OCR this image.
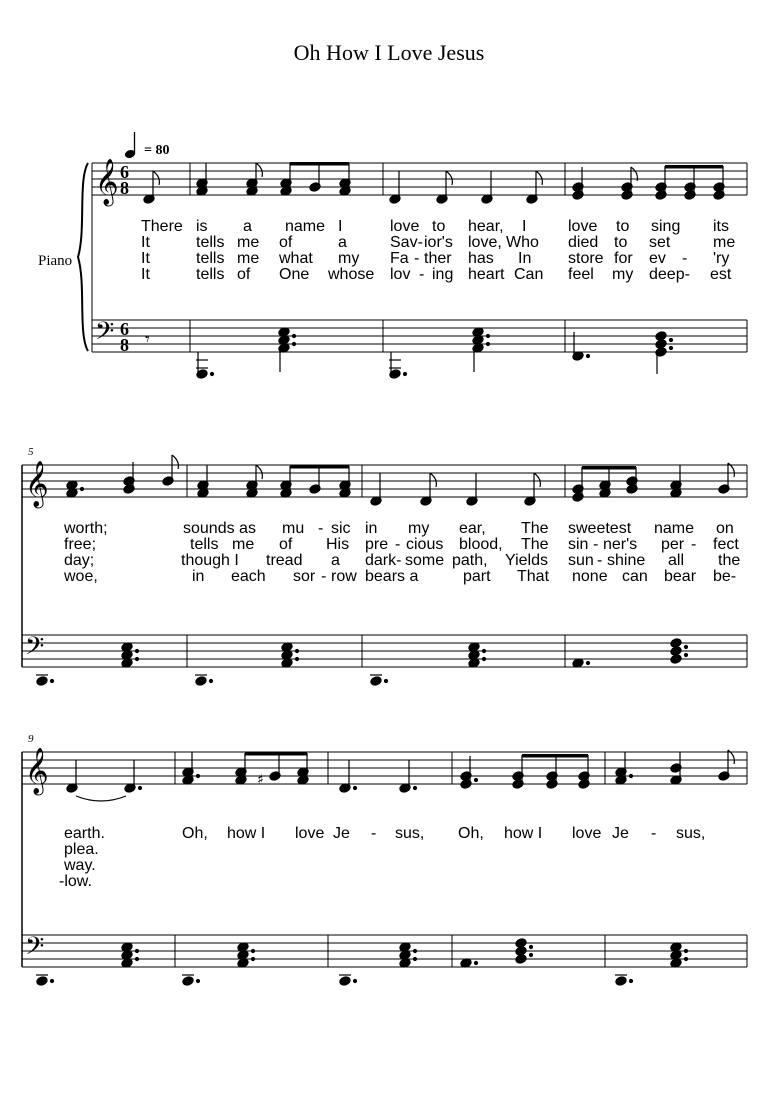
Oh How I Love Jesus
Piano
= 80
5
9
𝄞
𝄢
6
8
6
8 𝄾
There is a name I	love to hear, I	love to sing its
It	tells me of	a	Sav- ior's love, Who died to set	me
It	tells me what my Fa - ther has In store for ev - 'ry
It	tells of One whose lov - ing heart Can feel my deep- est
𝄞
𝄢
worth;	sounds as mu - sic in my ear, The sweetest name on
free;	tells me of His pre - cious blood, The sin - ner's per - fect
day;	though I tread a dark- some path, Yields sun - shine all the
woe,	in each sor - row bears a	part That none can bear be-
𝄞
𝄢
♯
earth.	Oh, how I love Je - sus, Oh, how I love Je - sus,
plea.
way.
-low.
